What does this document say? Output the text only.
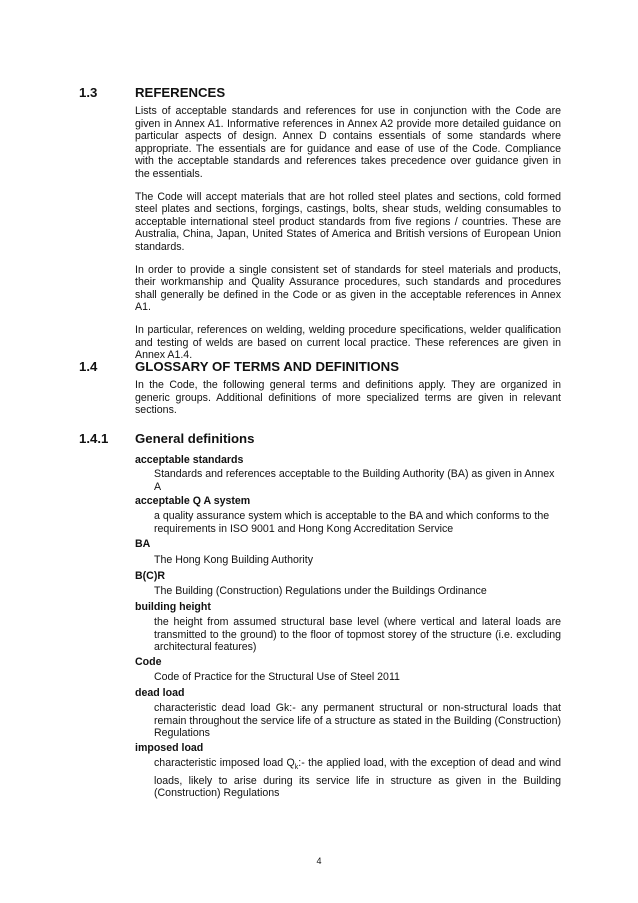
1.3	REFERENCES

Lists of acceptable standards and references for use in conjunction with the Code are given in Annex A1. Informative references in Annex A2 provide more detailed guidance on particular aspects of design. Annex D contains essentials of some standards where appropriate. The essentials are for guidance and ease of use of the Code. Compliance with the acceptable standards and references takes precedence over guidance given in the essentials.

The Code will accept materials that are hot rolled steel plates and sections, cold formed steel plates and sections, forgings, castings, bolts, shear studs, welding consumables to acceptable international steel product standards from five regions / countries. These are Australia, China, Japan, United States of America and British versions of European Union standards.

In order to provide a single consistent set of standards for steel materials and products, their workmanship and Quality Assurance procedures, such standards and procedures shall generally be defined in the Code or as given in the acceptable references in Annex A1.

In particular, references on welding, welding procedure specifications, welder qualification and testing of welds are based on current local practice. These references are given in Annex A1.4.

1.4	GLOSSARY OF TERMS AND DEFINITIONS

In the Code, the following general terms and definitions apply. They are organized in generic groups. Additional definitions of more specialized terms are given in relevant sections.

1.4.1 General definitions
acceptable standards
Standards and references acceptable to the Building Authority (BA) as given in Annex A
acceptable Q A system
a quality assurance system which is acceptable to the BA and which conforms to the requirements in ISO 9001 and Hong Kong Accreditation Service
BA
The Hong Kong Building Authority
B(C)R
The Building (Construction) Regulations under the Buildings Ordinance
building height
the height from assumed structural base level (where vertical and lateral loads are transmitted to the ground) to the floor of topmost storey of the structure (i.e. excluding architectural features)
Code
Code of Practice for the Structural Use of Steel 2011
dead load
characteristic dead load Gk:- any permanent structural or non-structural loads that remain throughout the service life of a structure as stated in the Building (Construction) Regulations
imposed load
characteristic imposed load $Q_k:-$ the applied load, with the exception of dead and wind loads, likely to arise during its service life in structure as given in the Building (Construction) Regulations
4
